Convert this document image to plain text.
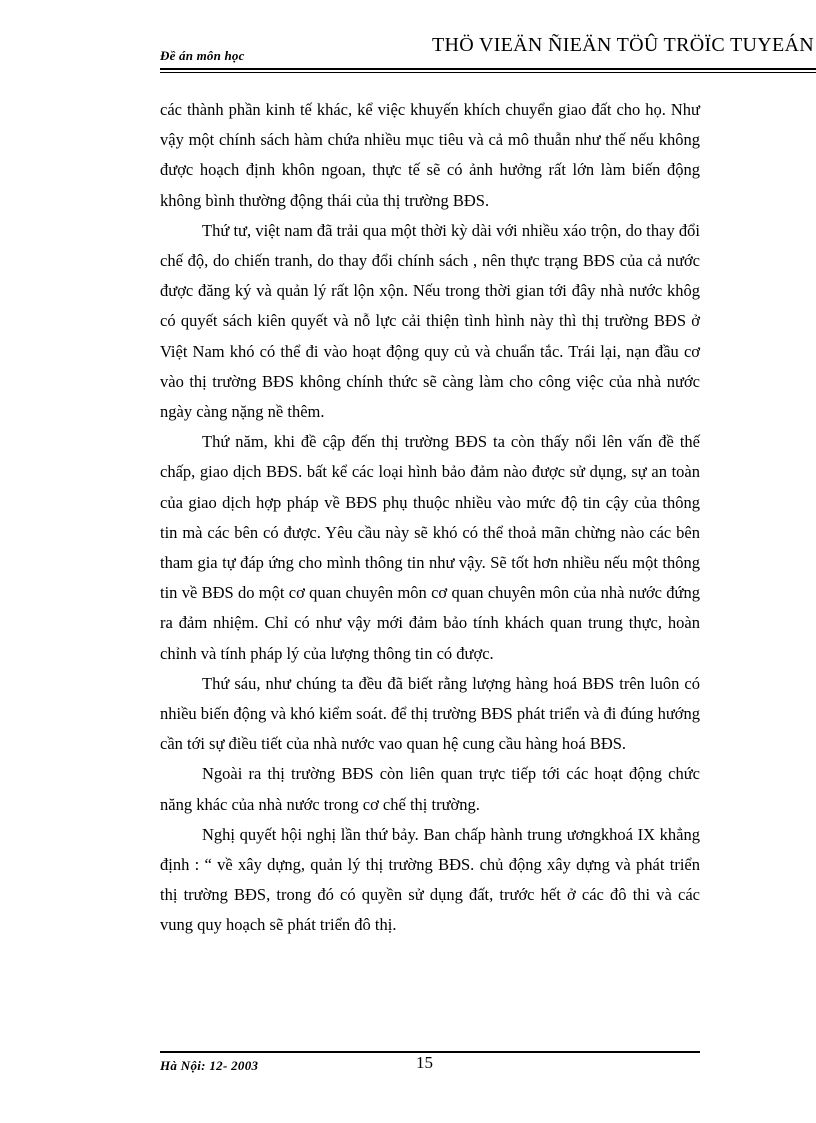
Đề án môn học	THÖ VIEÄN ÑIEÄN TÖÛ TRÖÏC TUYEÁN

các thành phần kinh tế khác, kể việc khuyến khích chuyển giao đất cho họ. Như vậy một chính sách hàm chứa nhiều mục tiêu và cả mô thuẫn như thế nếu không được hoạch định khôn ngoan, thực tế sẽ có ảnh hưởng rất lớn làm biến động không bình thường động thái của thị trường BĐS.

Thứ tư, việt nam đã trải qua một thời kỳ dài với nhiều xáo trộn, do thay đổi chế độ, do chiến tranh, do thay đổi chính sách , nên thực trạng BĐS của cả nước được đăng ký và quản lý rất lộn xộn. Nếu trong thời gian tới đây nhà nước khôg có quyết sách kiên quyết và nỗ lực cải thiện tình hình này thì thị trường BĐS ở Việt Nam khó có thể đi vào hoạt động quy củ và chuẩn tắc. Trái lại, nạn đầu cơ vào thị trường BĐS không chính thức sẽ càng làm cho công việc của nhà nước ngày càng nặng nề thêm.

Thứ năm, khi đề cập đến thị trường BĐS ta còn thấy nổi lên vấn đề thế chấp, giao dịch BĐS. bất kể các loại hình bảo đảm nào được sử dụng, sự an toàn của giao dịch hợp pháp về BĐS phụ thuộc nhiều vào mức độ tin cậy của thông tin mà các bên có được. Yêu cầu này sẽ khó có thể thoả mãn chừng nào các bên tham gia tự đáp ứng cho mình thông tin như vậy. Sẽ tốt hơn nhiều nếu một thông tin về BĐS do một cơ quan chuyên môn cơ quan chuyên môn của nhà nước đứng ra đảm nhiệm. Chỉ có như vậy mới đảm bảo tính khách quan trung thực, hoàn chỉnh và tính pháp lý của lượng thông tin có được.

Thứ sáu, như chúng ta đều đã biết rằng lượng hàng hoá BĐS trên luôn có nhiều biến động và khó kiểm soát. để thị trường BĐS phát triển và đi đúng hướng cần tới sự điều tiết của nhà nước vao quan hệ cung cầu hàng hoá BĐS.

Ngoài ra thị trường BĐS còn liên quan trực tiếp tới các hoạt động chức năng khác của nhà nước trong cơ chế thị trường.

Nghị quyết hội nghị lần thứ bảy. Ban chấp hành trung ươngkhoá IX khẳng định : “ về xây dựng, quản lý thị trường BĐS. chủ động xây dựng và phát triển thị trường BĐS, trong đó có quyền sử dụng đất, trước hết ở các đô thi và các vung quy hoạch sẽ phát triển đô thị.

Hà Nội: 12- 2003	15
